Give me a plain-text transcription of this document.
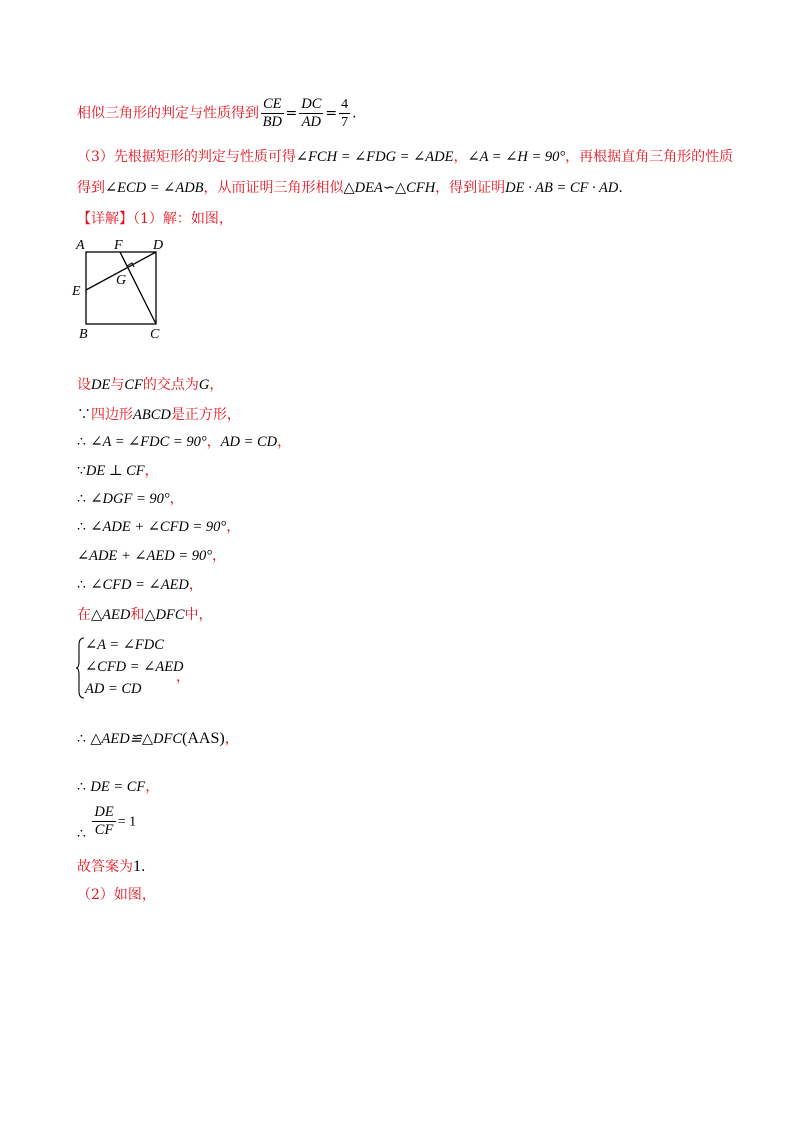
相似三角形的判定与性质得到 $\frac{CE}{BD} = \frac{DC}{AD} = \frac{4}{7}$ .
（3）先根据矩形的判定与性质可得∠FCH = ∠FDG = ∠ADE，∠A = ∠H = 90°，再根据直角三角形的性质
得到∠ECD = ∠ADB，从而证明三角形相似△DEA∽△CFH，得到证明DE · AB = CF · AD.
【详解】（1）解：如图，
A F D
E
G
B	C
设DE与CF的交点为G，
∵四边形ABCD是正方形，
∴ ∠A = ∠FDC = 90°，AD = CD，
∵DE ⊥ CF，
∴ ∠DGF = 90°，
∴ ∠ADE + ∠CFD = 90°，
∠ADE + ∠AED = 90°，
∴ ∠CFD = ∠AED，
在△AED和△DFC中，
∠A = ∠FDC
∠CFD = ∠AED
AD = CD
，
∴ △AED≌△DFC(AAS)，
∴ DE = CF，
∴ $\frac{DE}{CF} = 1$
故答案为1.
（2）如图，
